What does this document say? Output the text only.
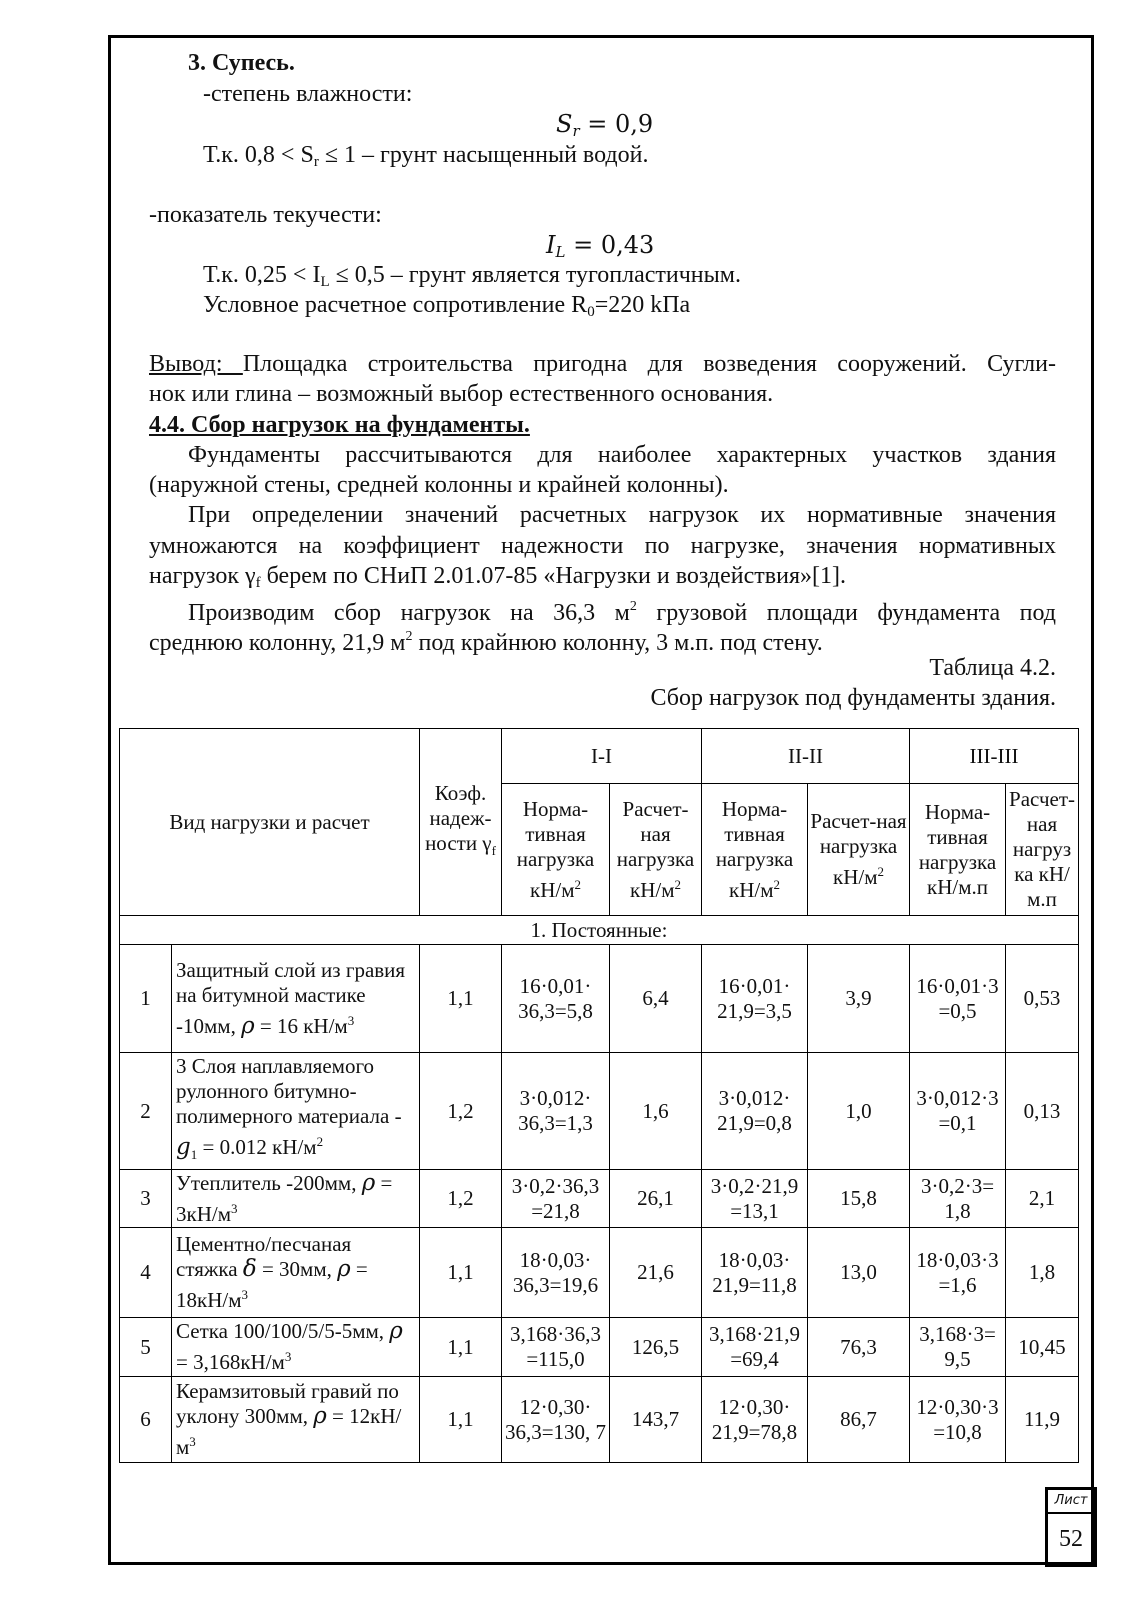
3. Супесь.
-степень влажности:
$S_r = 0,9$
Т.к. $0,8 < S_r \le 1$ – грунт насыщенный водой.
-показатель текучести:
$I_L = 0,43$
Т.к. $0,25 < I_L \le 0,5$ – грунт является тугопластичным.
Условное расчетное сопротивление $R_0=220$ kПа
Вывод: Площадка строительства пригодна для возведения сооружений. Сугли-
нок или глина – возможный выбор естественного основания.
4.4. Сбор нагрузок на фундаменты.
Фундаменты рассчитываются для наиболее характерных участков здания
(наружной стены, средней колонны и крайней колонны).
При определении значений расчетных нагрузок их нормативные значения
умножаются на коэффициент надежности по нагрузке, значения нормативных
нагрузок $\gamma_f$ берем по СНиП 2.01.07-85 «Нагрузки и воздействия»[1].
Производим сбор нагрузок на 36,3 $м^2$ грузовой площади фундамента под
среднюю колонну, 21,9 $м^2$ под крайнюю колонну, 3 м.п. под стену.
Таблица 4.2.
Сбор нагрузок под фундаменты здания.
Вид нагрузки и расчет		Коэф. надеж-ности $\gamma_f$	I-I		II-II		III-III	
			Норма-тивная нагрузка $кН/м^2$	Расчет-ная нагрузка $кН/м^2$	Норма-тивная нагрузка $кН/м^2$	Расчет-ная нагрузка $кН/м^2$	Норма-тивная нагрузка кН/м.п	Расчет-ная нагруз ка кН/м.п
1. Постоянные:								
1	Защитный слой из гравия на битумной мастике -10мм, ρ = 16 $кН/м^3$	1,1	16·0,01· 36,3=5,8	6,4	16·0,01· 21,9=3,5	3,9	16·0,01·3 =0,5	0,53
2	3 Слоя наплавляемого рулонного битумно-полимерного материала - $g_1 = 0.012$ $кН/м^2$	1,2	3·0,012· 36,3=1,3	1,6	3·0,012· 21,9=0,8	1,0	3·0,012·3 =0,1	0,13
3	Утеплитель -200мм, $\rho = 3кН/м^3$	1,2	3·0,2·36,3 =21,8	26,1	3·0,2·21,9 =13,1	15,8	3·0,2·3= 1,8	2,1
4	Цементно/песчаная стяжка δ = 30мм, $\rho = 18кН/м^3$	1,1	18·0,03· 36,3=19,6	21,6	18·0,03· 21,9=11,8	13,0	18·0,03·3 =1,6	1,8
5	Сетка 100/100/5/5-5мм, $\rho = 3,168кН/м^3$	1,1	3,168·36,3 =115,0	126,5	3,168·21,9 =69,4	76,3	3,168·3= 9,5	10,45
6	Керамзитовый гравий по уклону 300мм, $\rho = 12кН/м^3$	1,1	12·0,30· 36,3=130, 7	143,7	12·0,30· 21,9=78,8	86,7	12·0,30·3 =10,8	11,9
Лист
52
